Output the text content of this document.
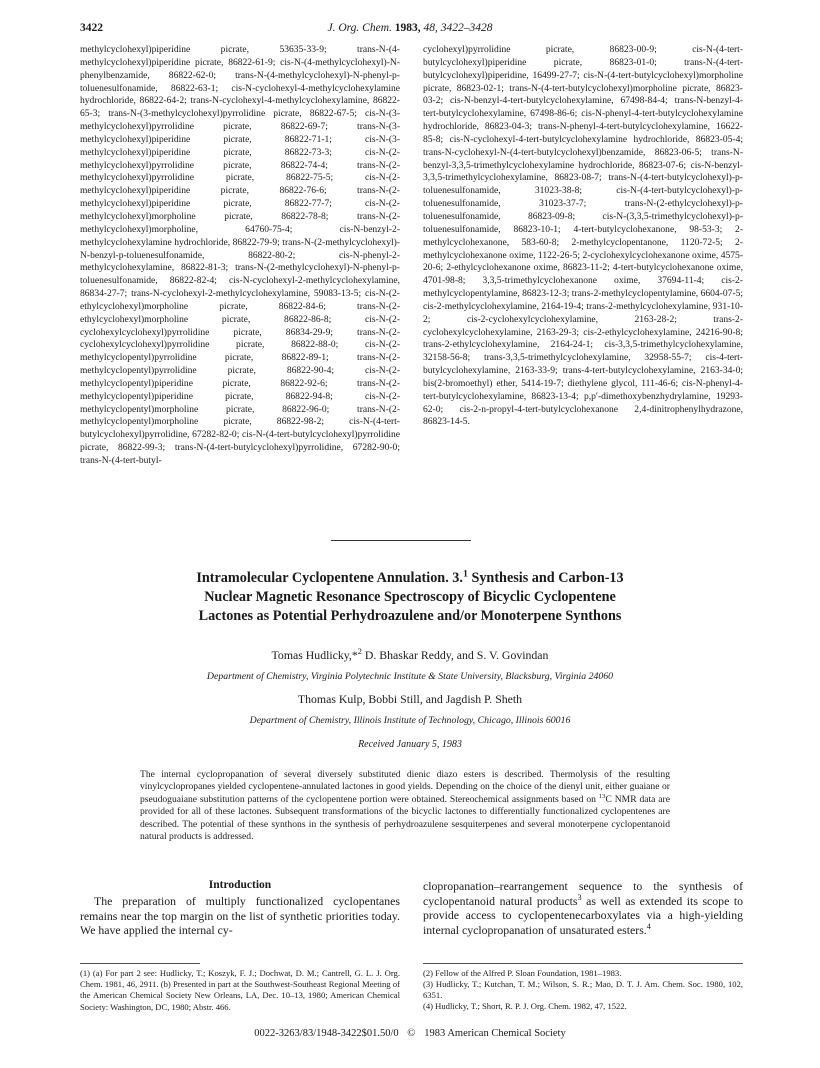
3422	J. Org. Chem. 1983, 48, 3422–3428
methylcyclohexyl)piperidine picrate, 53635-33-9; trans-N-(4-methylcyclohexyl)piperidine picrate, 86822-61-9; cis-N-(4-methylcyclohexyl)-N-phenylbenzamide, 86822-62-0; trans-N-(4-methylcyclohexyl)-N-phenyl-p-toluenesulfonamide, 86822-63-1; cis-N-cyclohexyl-4-methylcyclohexylamine hydrochloride, 86822-64-2; trans-N-cyclohexyl-4-methylcyclohexylamine, 86822-65-3; trans-N-(3-methylcyclohexyl)pyrrolidine picrate, 86822-67-5; cis-N-(3-methylcyclohexyl)pyrrolidine picrate, 86822-69-7; trans-N-(3-methylcyclohexyl)piperidine picrate, 86822-71-1; cis-N-(3-methylcyclohexyl)piperidine picrate, 86822-73-3; cis-N-(2-methylcyclohexyl)pyrrolidine picrate, 86822-74-4; trans-N-(2-methylcyclohexyl)pyrrolidine picrate, 86822-75-5; cis-N-(2-methylcyclohexyl)piperidine picrate, 86822-76-6; trans-N-(2-methylcyclohexyl)piperidine picrate, 86822-77-7; cis-N-(2-methylcyclohexyl)morpholine picrate, 86822-78-8; trans-N-(2-methylcyclohexyl)morpholine, 64760-75-4; cis-N-benzyl-2-methylcyclohexylamine hydrochloride, 86822-79-9; trans-N-(2-methylcyclohexyl)-N-benzyl-p-toluenesulfonamide, 86822-80-2; cis-N-phenyl-2-methylcyclohexylamine, 86822-81-3; trans-N-(2-methylcyclohexyl)-N-phenyl-p-toluenesulfonamide, 86822-82-4; cis-N-cyclohexyl-2-methylcyclohexylamine, 86834-27-7; trans-N-cyclohexyl-2-methylcyclohexylamine, 59083-13-5; cis-N-(2-ethylcyclohexyl)morpholine picrate, 86822-84-6; trans-N-(2-ethylcyclohexyl)morpholine picrate, 86822-86-8; cis-N-(2-cyclohexylcyclohexyl)pyrrolidine picrate, 86834-29-9; trans-N-(2-cyclohexylcyclohexyl)pyrrolidine picrate, 86822-88-0; cis-N-(2-methylcyclopentyl)pyrrolidine picrate, 86822-89-1; trans-N-(2-methylcyclopentyl)pyrrolidine picrate, 86822-90-4; cis-N-(2-methylcyclopentyl)piperidine picrate, 86822-92-6; trans-N-(2-methylcyclopentyl)piperidine picrate, 86822-94-8; cis-N-(2-methylcyclopentyl)morpholine picrate, 86822-96-0; trans-N-(2-methylcyclopentyl)morpholine picrate, 86822-98-2; cis-N-(4-tert-butylcyclohexyl)pyrrolidine, 67282-82-0; cis-N-(4-tert-butylcyclohexyl)pyrrolidine picrate, 86822-99-3; trans-N-(4-tert-butylcyclohexyl)pyrrolidine, 67282-90-0; trans-N-(4-tert-butyl-
cyclohexyl)pyrrolidine picrate, 86823-00-9; cis-N-(4-tert-butylcyclohexyl)piperidine picrate, 86823-01-0; trans-N-(4-tert-butylcyclohexyl)piperidine, 16499-27-7; cis-N-(4-tert-butylcyclohexyl)morpholine picrate, 86823-02-1; trans-N-(4-tert-butylcyclohexyl)morpholine picrate, 86823-03-2; cis-N-benzyl-4-tert-butylcyclohexylamine, 67498-84-4; trans-N-benzyl-4-tert-butylcyclohexylamine, 67498-86-6; cis-N-phenyl-4-tert-butylcyclohexylamine hydrochloride, 86823-04-3; trans-N-phenyl-4-tert-butylcyclohexylamine, 16622-85-8; cis-N-cyclohexyl-4-tert-butylcyclohexylamine hydrochloride, 86823-05-4; trans-N-cyclohexyl-N-(4-tert-butylcyclohexyl)benzamide, 86823-06-5; trans-N-benzyl-3,3,5-trimethylcyclohexylamine hydrochloride, 86823-07-6; cis-N-benzyl-3,3,5-trimethylcyclohexylamine, 86823-08-7; trans-N-(4-tert-butylcyclohexyl)-p-toluenesulfonamide, 31023-38-8; cis-N-(4-tert-butylcyclohexyl)-p-toluenesulfonamide, 31023-37-7; trans-N-(2-ethylcyclohexyl)-p-toluenesulfonamide, 86823-09-8; cis-N-(3,3,5-trimethylcyclohexyl)-p-toluenesulfonamide, 86823-10-1; 4-tert-butylcyclohexanone, 98-53-3; 2-methylcyclohexanone, 583-60-8; 2-methylcyclopentanone, 1120-72-5; 2-methylcyclohexanone oxime, 1122-26-5; 2-cyclohexylcyclohexanone oxime, 4575-20-6; 2-ethylcyclohexanone oxime, 86823-11-2; 4-tert-butylcyclohexanone oxime, 4701-98-8; 3,3,5-trimethylcyclohexanone oxime, 37694-11-4; cis-2-methylcyclopentylamine, 86823-12-3; trans-2-methylcyclopentylamine, 6604-07-5; cis-2-methylcyclohexylamine, 2164-19-4; trans-2-methylcyclohexylamine, 931-10-2; cis-2-cyclohexylcyclohexylamine, 2163-28-2; trans-2-cyclohexylcyclohexylamine, 2163-29-3; cis-2-ethylcyclohexylamine, 24216-90-8; trans-2-ethylcyclohexylamine, 2164-24-1; cis-3,3,5-trimethylcyclohexylamine, 32158-56-8; trans-3,3,5-trimethylcyclohexylamine, 32958-55-7; cis-4-tert-butylcyclohexylamine, 2163-33-9; trans-4-tert-butylcyclohexylamine, 2163-34-0; bis(2-bromoethyl) ether, 5414-19-7; diethylene glycol, 111-46-6; cis-N-phenyl-4-tert-butylcyclohexylamine, 86823-13-4; p,p′-dimethoxybenzhydrylamine, 19293-62-0; cis-2-n-propyl-4-tert-butylcyclohexanone 2,4-dinitrophenylhydrazone, 86823-14-5.
Intramolecular Cyclopentene Annulation. 3.$^1$ Synthesis and Carbon-13
Nuclear Magnetic Resonance Spectroscopy of Bicyclic Cyclopentene
Lactones as Potential Perhydroazulene and/or Monoterpene Synthons
Tomas Hudlicky,*$^2$ D. Bhaskar Reddy, and S. V. Govindan
Department of Chemistry, Virginia Polytechnic Institute & State University, Blacksburg, Virginia 24060
Thomas Kulp, Bobbi Still, and Jagdish P. Sheth
Department of Chemistry, Illinois Institute of Technology, Chicago, Illinois 60016
Received January 5, 1983
The internal cyclopropanation of several diversely substituted dienic diazo esters is described. Thermolysis of the resulting vinylcyclopropanes yielded cyclopentene-annulated lactones in good yields. Depending on the choice of the dienyl unit, either guaiane or pseudoguaiane substitution patterns of the cyclopentene portion were obtained. Stereochemical assignments based on $^{13}$C NMR data are provided for all of these lactones. Subsequent transformations of the bicyclic lactones to differentially functionalized cyclopentenes are described. The potential of these synthons in the synthesis of perhydroazulene sesquiterpenes and several monoterpene cyclopentanoid natural products is addressed.
Introduction
The preparation of multiply functionalized cyclopentanes remains near the top margin on the list of synthetic priorities today. We have applied the internal cy-
clopropanation–rearrangement sequence to the synthesis of cyclopentanoid natural products$^3$ as well as extended its scope to provide access to cyclopentenecarboxylates via a high-yielding internal cyclopropanation of unsaturated esters.$^4$
(1) (a) For part 2 see: Hudlicky, T.; Koszyk, F. J.; Dochwat, D. M.; Cantrell, G. L. J. Org. Chem. 1981, 46, 2911. (b) Presented in part at the Southwest-Southeast Regional Meeting of the American Chemical Society New Orleans, LA, Dec. 10–13, 1980; American Chemical Society: Washington, DC, 1980; Abstr. 466.
(2) Fellow of the Alfred P. Sloan Foundation, 1981–1983.
(3) Hudlicky, T.; Kutchan, T. M.; Wilson, S. R.; Mao, D. T. J. Am. Chem. Soc. 1980, 102, 6351.
(4) Hudlicky, T.; Short, R. P. J. Org. Chem. 1982, 47, 1522.
0022-3263/83/1948-3422$01.50/0 © 1983 American Chemical Society
